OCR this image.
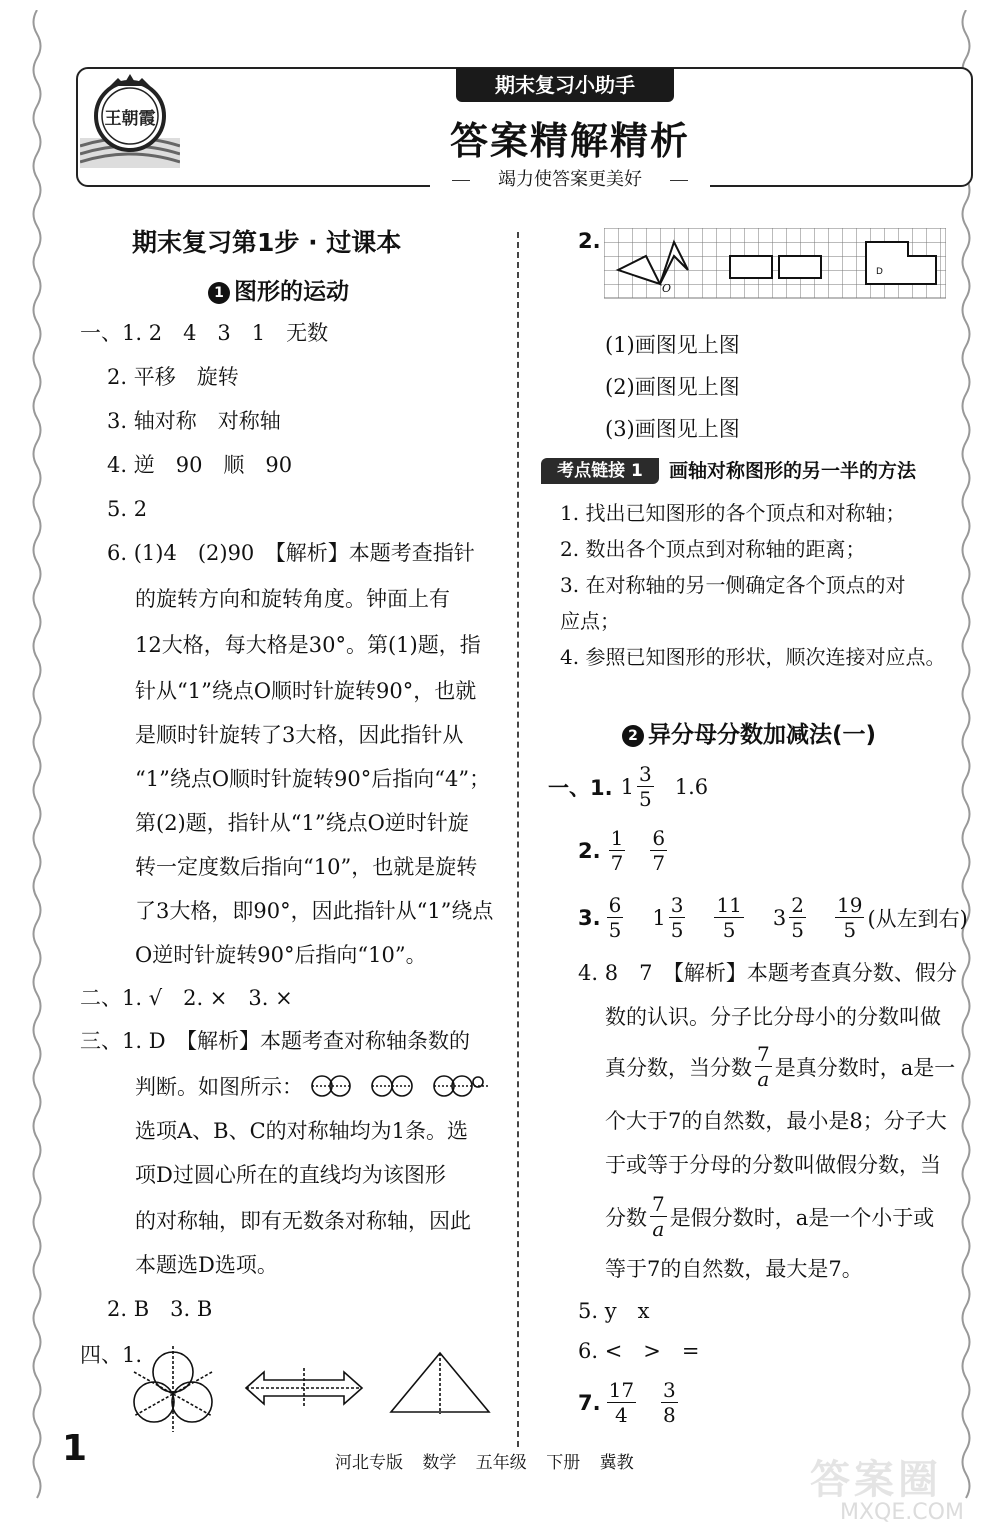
王朝霞
期末复习小助手
答案精解精析
竭力使答案更美好
期末复习第1步 · 过课本
1 图形的运动
一、1. 2　4　3　1　无数
2. 平移　旋转
3. 轴对称　对称轴
4. 逆　90　顺　90
5. 2
6. (1)4　(2)90　【解析】本题考查指针
的旋转方向和旋转角度。钟面上有
12大格，每大格是30°。第(1)题，指
针从“1”绕点O顺时针旋转90°，也就
是顺时针旋转了3大格，因此指针从
“1”绕点O顺时针旋转90°后指向“4”；
第(2)题，指针从“1”绕点O逆时针旋
转一定度数后指向“10”，也就是旋转
了3大格，即90°，因此指针从“1”绕点
O逆时针旋转90°后指向“10”。
二、1. √　2. ×　3. ×
三、1. D　【解析】本题考查对称轴条数的
判断。如图所示：
选项A、B、C的对称轴均为1条。选
项D过圆心所在的直线均为该图形
的对称轴，即有无数条对称轴，因此
本题选D选项。
2. B　3. B
四、1.
2.
O
D
(1)画图见上图
(2)画图见上图
(3)画图见上图
考点链接 1	画轴对称图形的另一半的方法
1. 找出已知图形的各个顶点和对称轴；
2. 数出各个顶点到对称轴的距离；
3. 在对称轴的另一侧确定各个顶点的对
应点；
4. 参照已知图形的形状，顺次连接对应点。
2 异分母分数加减法(一)
一、1. $1 \frac{3}{5} 1.6$
2. $\frac{1}{7} \frac{6}{7}$
3. $\frac{6}{5} 1 \frac{3}{5} \frac{11}{5} 3 \frac{2}{5} \frac{19}{5}$ (从左到右)
4. 8　7　【解析】本题考查真分数、假分
数的认识。分子比分母小的分数叫做
真分数，当分数 $\frac{7}{a}$ 是真分数时，a是一
个大于7的自然数，最小是8；分子大
于或等于分母的分数叫做假分数，当
分数 $\frac{7}{a}$ 是假分数时，a是一个小于或
等于7的自然数，最大是7。
5. y　x
6. <　>　=
7. $\frac{17}{4} \frac{3}{8}$
1	河北专版 数学 五年级 下册 冀教	答案圈
MXQE.COM
